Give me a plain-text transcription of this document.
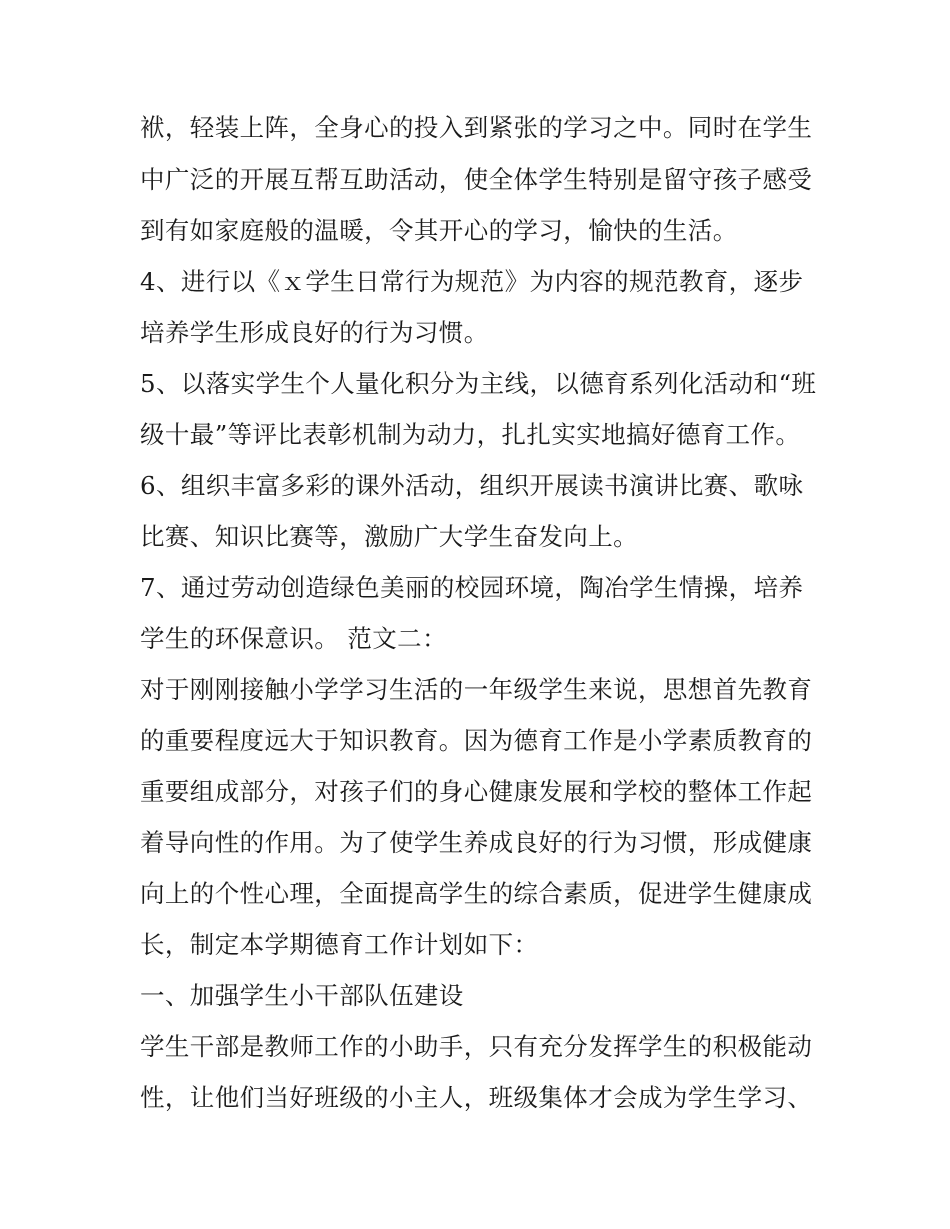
袱，轻装上阵，全身心的投入到紧张的学习之中。同时在学生
中广泛的开展互帮互助活动，使全体学生特别是留守孩子感受
到有如家庭般的温暖，令其开心的学习，愉快的生活。
4、进行以《ｘ学生日常行为规范》为内容的规范教育，逐步
培养学生形成良好的行为习惯。
5、以落实学生个人量化积分为主线，以德育系列化活动和“班
级十最”等评比表彰机制为动力，扎扎实实地搞好德育工作。
6、组织丰富多彩的课外活动，组织开展读书演讲比赛、歌咏
比赛、知识比赛等，激励广大学生奋发向上。
7、通过劳动创造绿色美丽的校园环境，陶冶学生情操，培养
学生的环保意识。 范文二：
对于刚刚接触小学学习生活的一年级学生来说，思想首先教育
的重要程度远大于知识教育。因为德育工作是小学素质教育的
重要组成部分，对孩子们的身心健康发展和学校的整体工作起
着导向性的作用。为了使学生养成良好的行为习惯，形成健康
向上的个性心理，全面提高学生的综合素质，促进学生健康成
长，制定本学期德育工作计划如下：
一、加强学生小干部队伍建设
学生干部是教师工作的小助手，只有充分发挥学生的积极能动
性，让他们当好班级的小主人，班级集体才会成为学生学习、
